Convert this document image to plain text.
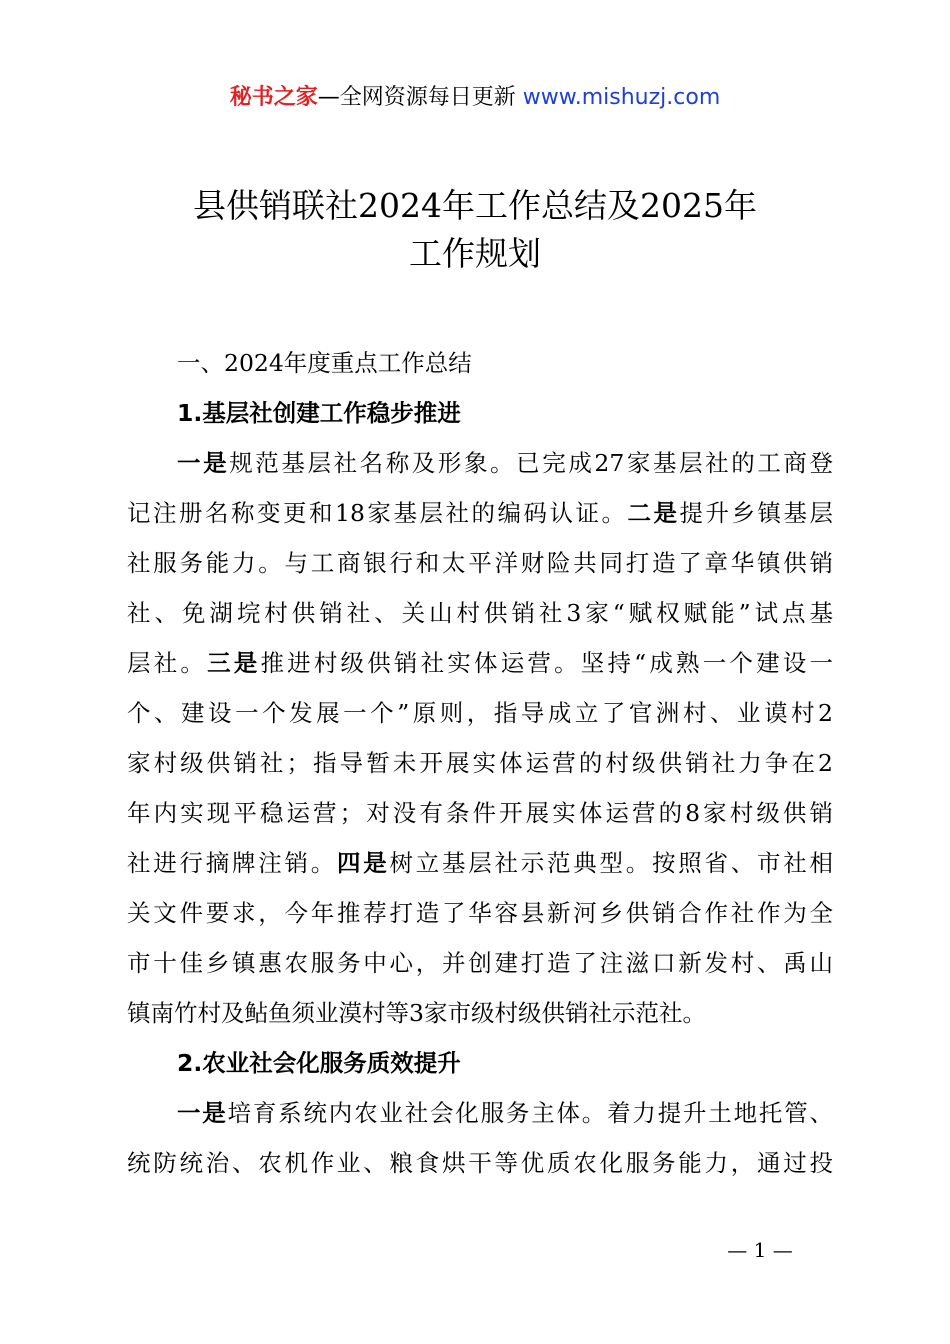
秘书之家—全网资源每日更新 www.mishuzj.com
县供销联社2024年工作总结及2025年
工作规划
一、2024年度重点工作总结
1.基层社创建工作稳步推进
一是规范基层社名称及形象。已完成27家基层社的工商登
记注册名称变更和18家基层社的编码认证。二是提升乡镇基层
社服务能力。与工商银行和太平洋财险共同打造了章华镇供销
社、免湖垸村供销社、关山村供销社3家“赋权赋能”试点基
层社。三是推进村级供销社实体运营。坚持“成熟一个建设一
个、建设一个发展一个”原则，指导成立了官洲村、业谟村2
家村级供销社；指导暂未开展实体运营的村级供销社力争在2
年内实现平稳运营；对没有条件开展实体运营的8家村级供销
社进行摘牌注销。四是树立基层社示范典型。按照省、市社相
关文件要求，今年推荐打造了华容县新河乡供销合作社作为全
市十佳乡镇惠农服务中心，并创建打造了注滋口新发村、禹山
镇南竹村及鲇鱼须业漠村等3家市级村级供销社示范社。
2.农业社会化服务质效提升
一是培育系统内农业社会化服务主体。着力提升土地托管、
统防统治、农机作业、粮食烘干等优质农化服务能力，通过投
— 1 —
